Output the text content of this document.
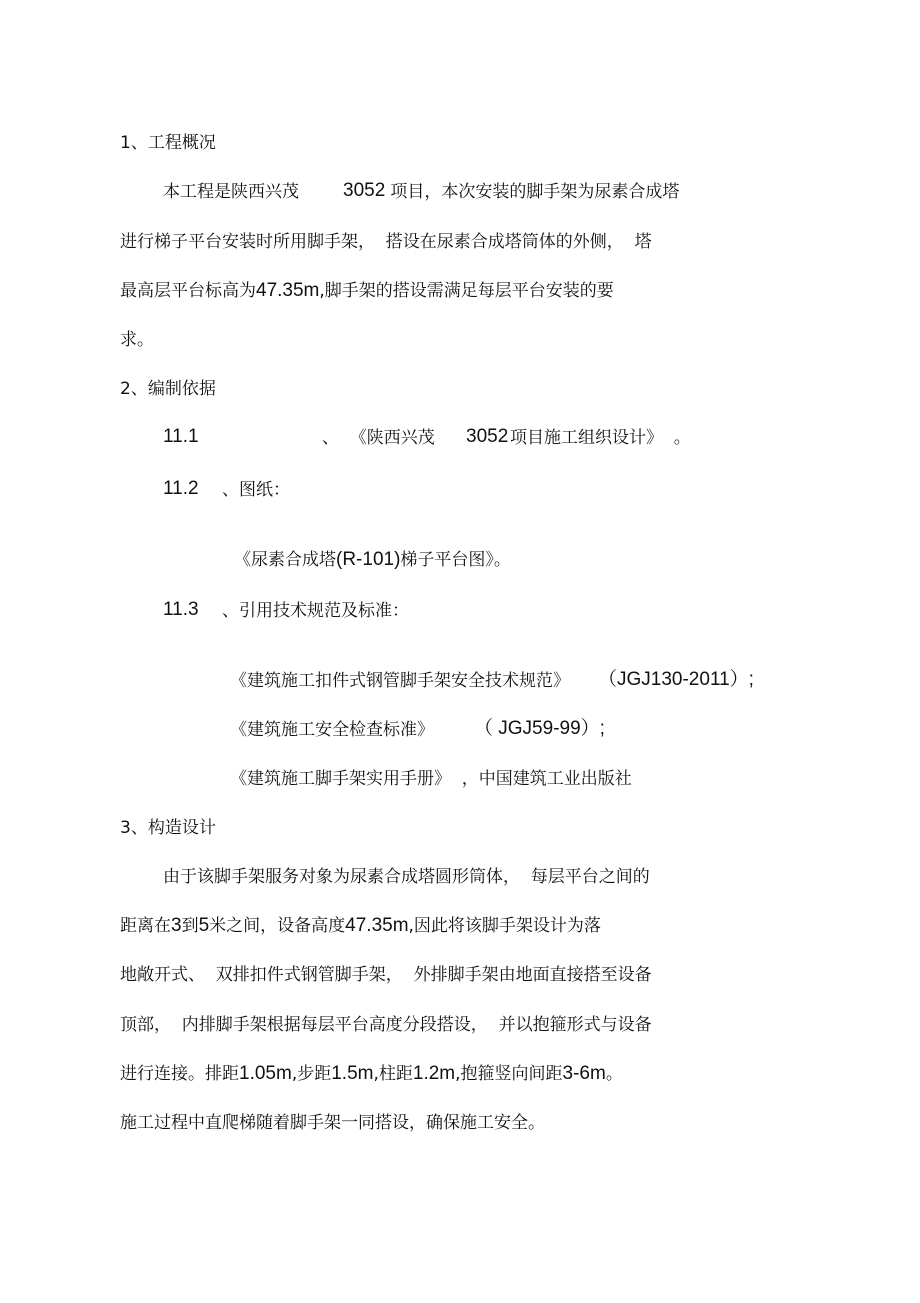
1、工程概况
本工程是陕西兴茂 3052 项目，本次安装的脚手架为尿素合成塔
进行梯子平台安装时所用脚手架，  搭设在尿素合成塔筒体的外侧，  塔
最高层平台标高为47.35m,脚手架的搭设需满足每层平台安装的要
求。
2、编制依据
11.1	、  《陕西兴茂 3052 项目施工组织设计》  。
11.2 、图纸：
《尿素合成塔(R-101)梯子平台图》。
11.3 、引用技术规范及标准：
《建筑施工扣件式钢管脚手架安全技术规范》 （JGJ130-2011）;
《建筑施工安全检查标准》 （ JGJ59-99）;
《建筑施工脚手架实用手册》  ，中国建筑工业出版社
3、构造设计
由于该脚手架服务对象为尿素合成塔圆形筒体，  每层平台之间的
距离在3到5米之间，设备高度47.35m,因此将该脚手架设计为落
地敞开式、  双排扣件式钢管脚手架，  外排脚手架由地面直接搭至设备
顶部，  内排脚手架根据每层平台高度分段搭设，  并以抱箍形式与设备
进行连接。排距1.05m,步距1.5m,柱距1.2m,抱箍竖向间距3-6m。
施工过程中直爬梯随着脚手架一同搭设，确保施工安全。
